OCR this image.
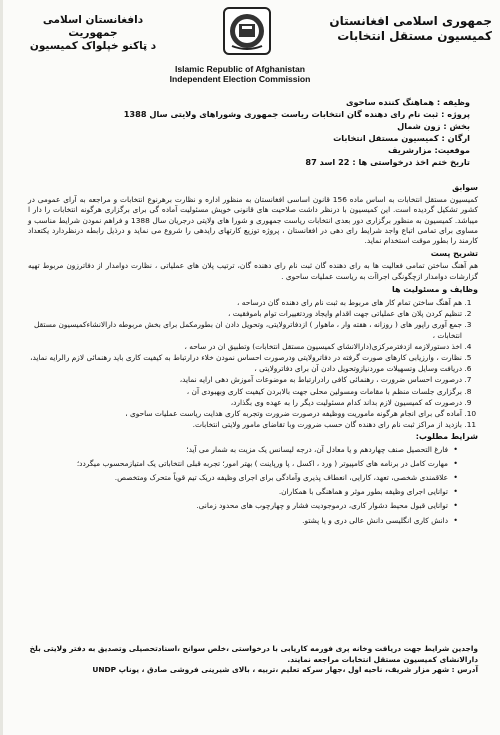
دافغانستان اسلامی جمهوریت
د ټاکنو خپلواک کمیسیون
جمهوری اسلامی افغانستان
کمیسیون مستقل انتخابات
Islamic Republic of Afghanistan
Independent Election Commission
وظیفه : هماهنگ کننده ساحوی
پروژه : ثبت نام رای دهنده گان انتخابات ریاست جمهوری وشوراهای ولایتی سال 1388
بخش : زون شمال
ارگان : کمیسیون مستقل انتخابات
موقعیت: مزارشریف
تاریخ ختم اخذ درخواستی ها : 22 اسد 87
سوابق

کمیسیون مستقل انتخابات به اساس ماده 156 قانون اساسی افغانستان به منظور اداره و نظارت برهرنوع انتخابات و مراجعه به آرای عمومی در کشور تشکیل گردیده است. این کمیسیون با درنظر داشت صلاحیت های قانونی خویش مسئولیت آماده گی برای برگزاری هرگونه انتخابات را دار ا میباشد. کمیسیون به منظور برگزاری دور بعدی انتخابات ریاست جمهوری و شورا های ولایتی درجریان سال 1388 و فراهم نمودن شرایط مناسب و مساوی برای تمامی اتباع واجد شرایط رای دهی در افغانستان ، پروژه توزیع کارتهای رایدهی را شروع می نماید و درذیل رابطه درنظردارد یکتعداد کارمند را بطور موقت استخدام نماید.

تشریح پست

هم آهنگ ساختن تمامی فعالیت ها به رای دهنده گان ثبت نام رای دهنده گان، ترتیب پلان های عملیاتی ، نظارت دوامدار از دفاترزون مربوط تهیه گزارشات دوامدار ازچگونگی اجراآت به ریاست عملیات ساحوی .

وظایف و مسئولیت ها
1. هم آهنگ ساختن تمام کار های مربوط به ثبت نام رای دهنده گان درساحه ،
2. تنظیم کردن پلان های عملیاتی جهت اقدام وایجاد وردتغییرات توام باموفقیت ،
3. جمع آوری راپور های ( روزانه ، هفته وار ، ماهوار ) ازدفاترولایتی، وتحویل دادن ان بطورمکمل برای بخش مربوطه دارالانشاءکمیسیون مستقل انتخابات ،
4. اخذ دستورلازمه ازدفترمرکزی(دارالانشای کمیسیون مستقل انتخابات) وتطبیق ان در ساحه ،
5. نظارت ، وارزیابی کارهای صورت گرفته در دفاترولایتی ودرصورت احساس نمودن خلاء درارتباط به کیفیت کاری باید رهنمائی لازم رالرایه نماید،
6. دریافت وسایل وتسهیلات موردنیازوتحویل دادن آن برای دفاترولایتی ،
7. درصورت احساس ضرورت ، رهنمائی کافی رادرارتباط به موضوعات آموزش دهی ارایه نماید،
8. برگزاری جلسات منظم با مقامات ومسولین محلی جهت بالابردن کیفیت کاری وبهبودی آن ،
9. درصورت که کمیسیون لازم بداند کدام مسئولیت دیگر را به عهده وی بگذارد،
10. آماده گی برای انجام هرگونه ماموریت ووظیفه درصورت ضرورت وتجربه کاری هدایت ریاست عملیات ساحوی ،
11. بازدید از مراکز ثبت نام رای دهنده گان حسب ضرورت وبا تقاضای مامور ولایتی انتخابات.
شرایط مطلوب:
• فارغ التحصیل صنف چهاردهم و یا معادل آن، درجه لیسانس یک مزیت به شمار می آید؛
• مهارت کامل در برنامه های کامپیوتر ( ورد ، اکسل ، پا ورپاینت ) بهتر امور؛ تجربه قبلی انتخاباتی یک امتیازمحسوب میگردد؛
• علاقمندی شخصی، تعهد، کارایی، انعطاف پذیری وآمادگی برای اجرای وظیفه دریک تیم قویاً متحرک ومتخصص.
• توانایی اجرای وظیفه بطور موثر و هماهنگی با همکاران.
• توانایی قبول محیط دشوار کاری، درموجودیت فشار و چهارچوب های محدود زمانی.
• دانش کاری انگلیسی دانش عالی دری و یا پشتو.
واجدین شرایط جهت دریافت وخانه پری فورمه کاریابی با درخواستی ،خلص سوانح ،اسنادتحصیلی وتصدیق به دفتر ولایتی بلخ دارالانشای کمیسیون مستقل انتخابات مراجعه نمایند.
آدرس : شهر مزار شریف، ناحیه اول ،جهار سرکه تعلیم ،تربیه ، بالای شیرینی فروشی صادق ، یوناپ UNDP
